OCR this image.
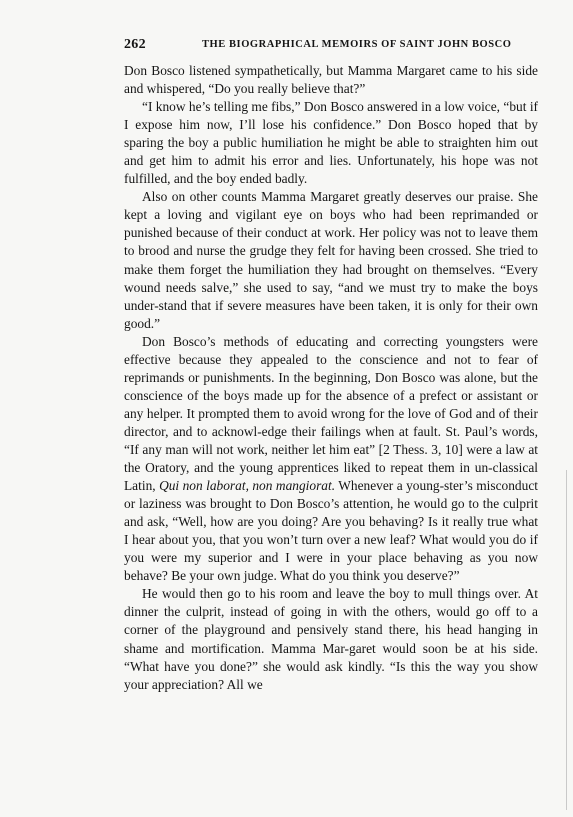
262	THE BIOGRAPHICAL MEMOIRS OF SAINT JOHN BOSCO

Don Bosco listened sympathetically, but Mamma Margaret came to his side and whispered, “Do you really believe that?”

“I know he’s telling me fibs,” Don Bosco answered in a low voice, “but if I expose him now, I’ll lose his confidence.” Don Bosco hoped that by sparing the boy a public humiliation he might be able to straighten him out and get him to admit his error and lies. Unfortunately, his hope was not fulfilled, and the boy ended badly.

Also on other counts Mamma Margaret greatly deserves our praise. She kept a loving and vigilant eye on boys who had been reprimanded or punished because of their conduct at work. Her policy was not to leave them to brood and nurse the grudge they felt for having been crossed. She tried to make them forget the humiliation they had brought on themselves. “Every wound needs salve,” she used to say, “and we must try to make the boys under-stand that if severe measures have been taken, it is only for their own good.”

Don Bosco’s methods of educating and correcting youngsters were effective because they appealed to the conscience and not to fear of reprimands or punishments. In the beginning, Don Bosco was alone, but the conscience of the boys made up for the absence of a prefect or assistant or any helper. It prompted them to avoid wrong for the love of God and of their director, and to acknowl-edge their failings when at fault. St. Paul’s words, “If any man will not work, neither let him eat” [2 Thess. 3, 10] were a law at the Oratory, and the young apprentices liked to repeat them in un-classical Latin, Qui non laborat, non mangiorat. Whenever a young-ster’s misconduct or laziness was brought to Don Bosco’s attention, he would go to the culprit and ask, “Well, how are you doing? Are you behaving? Is it really true what I hear about you, that you won’t turn over a new leaf? What would you do if you were my superior and I were in your place behaving as you now behave? Be your own judge. What do you think you deserve?”

He would then go to his room and leave the boy to mull things over. At dinner the culprit, instead of going in with the others, would go off to a corner of the playground and pensively stand there, his head hanging in shame and mortification. Mamma Mar-garet would soon be at his side. “What have you done?” she would ask kindly. “Is this the way you show your appreciation? All we
